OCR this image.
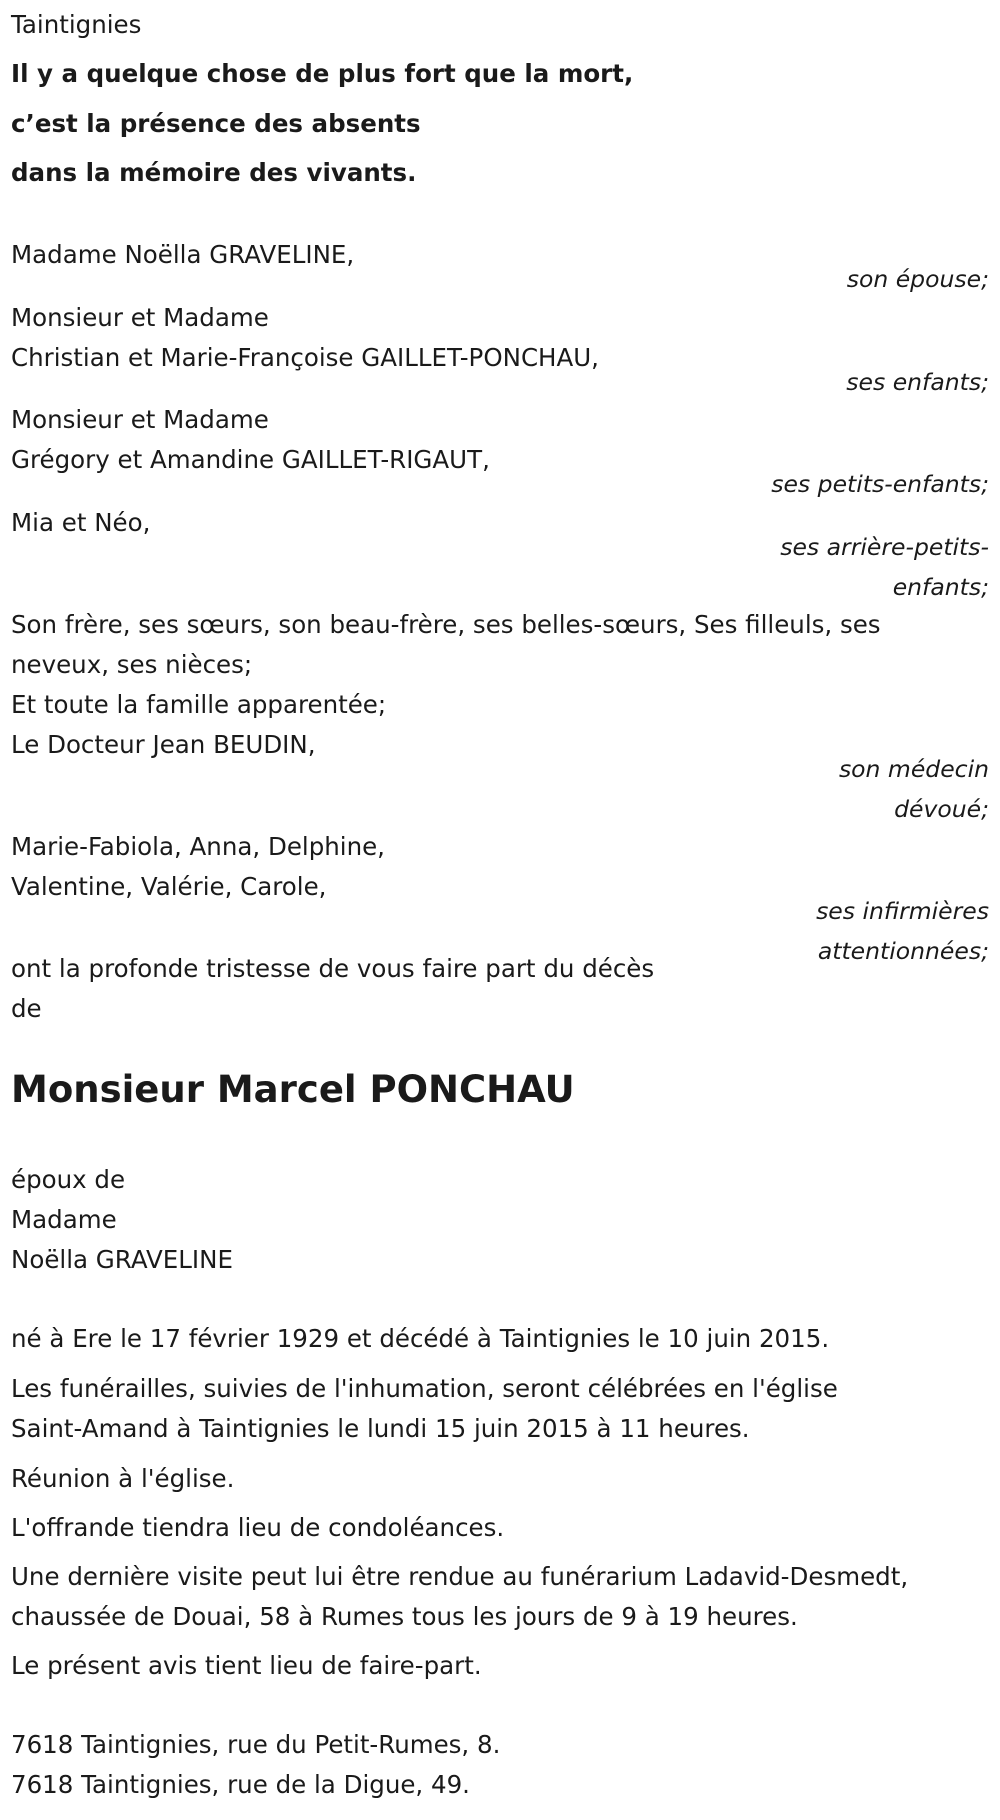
Taintignies
Il y a quelque chose de plus fort que la mort,
c’est la présence des absents
dans la mémoire des vivants.
Madame Noëlla GRAVELINE,
son épouse;
Monsieur et Madame
Christian et Marie-Françoise GAILLET-PONCHAU,
ses enfants;
Monsieur et Madame
Grégory et Amandine GAILLET-RIGAUT,
ses petits-enfants;
Mia et Néo,
ses arrière-petits-
enfants;
Son frère, ses sœurs, son beau-frère, ses belles-sœurs, Ses filleuls, ses
neveux, ses nièces;
Et toute la famille apparentée;
Le Docteur Jean BEUDIN,
son médecin
dévoué;
Marie-Fabiola, Anna, Delphine,
Valentine, Valérie, Carole,
ses infirmières
attentionnées;
ont la profonde tristesse de vous faire part du décès
de
Monsieur Marcel PONCHAU
époux de
Madame
Noëlla GRAVELINE
né à Ere le 17 février 1929 et décédé à Taintignies le 10 juin 2015.
Les funérailles, suivies de l'inhumation, seront célébrées en l'église
Saint-Amand à Taintignies le lundi 15 juin 2015 à 11 heures.
Réunion à l'église.
L'offrande tiendra lieu de condoléances.
Une dernière visite peut lui être rendue au funérarium Ladavid-Desmedt,
chaussée de Douai, 58 à Rumes tous les jours de 9 à 19 heures.
Le présent avis tient lieu de faire-part.
7618 Taintignies, rue du Petit-Rumes, 8.
7618 Taintignies, rue de la Digue, 49.
